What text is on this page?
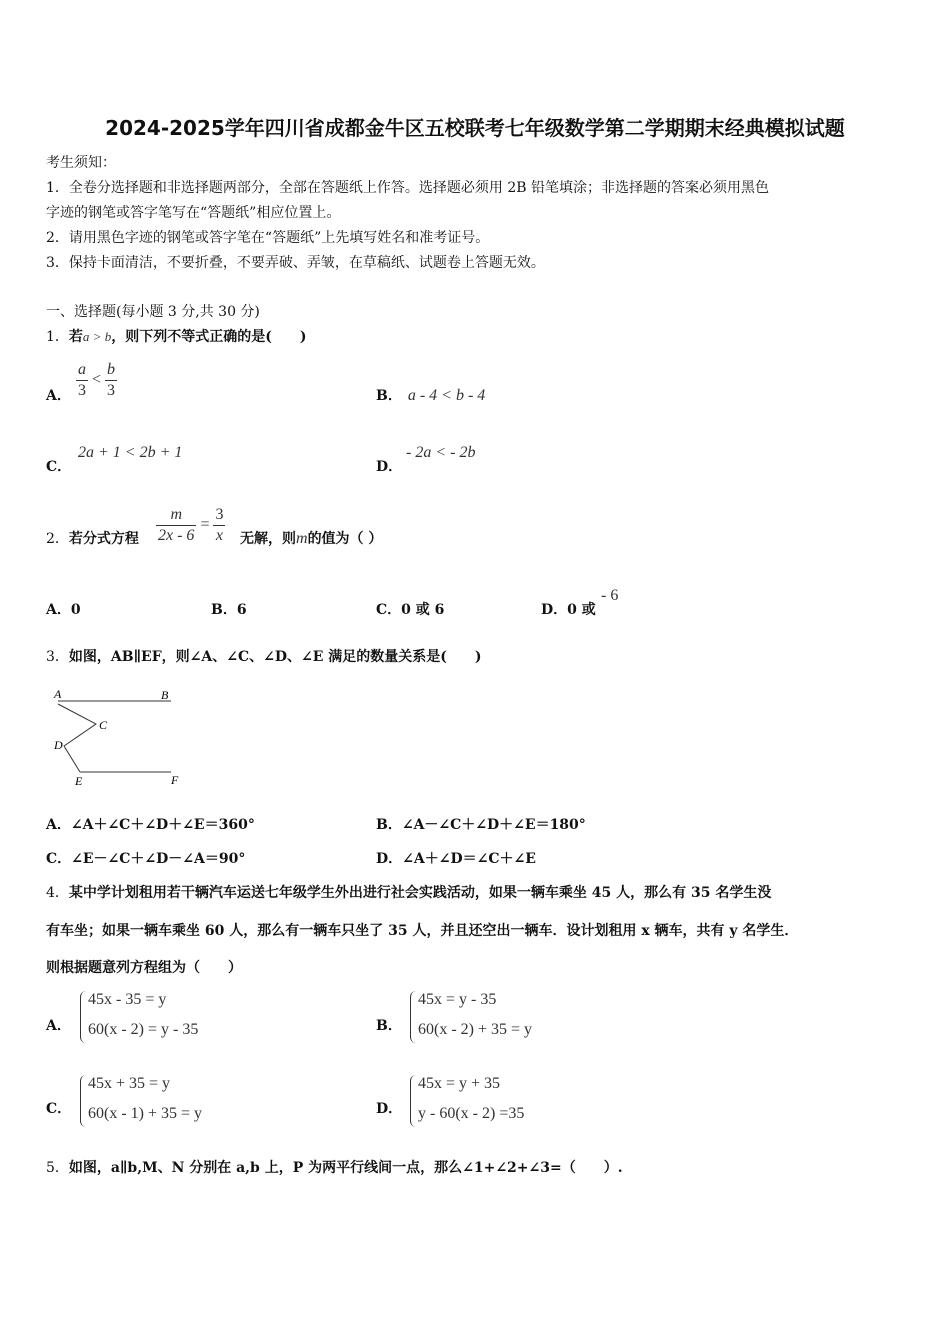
2024-2025学年四川省成都金牛区五校联考七年级数学第二学期期末经典模拟试题
考生须知：
1．全卷分选择题和非选择题两部分，全部在答题纸上作答。选择题必须用 2B 铅笔填涂；非选择题的答案必须用黑色
字迹的钢笔或答字笔写在“答题纸”相应位置上。
2．请用黑色字迹的钢笔或答字笔在“答题纸”上先填写姓名和准考证号。
3．保持卡面清洁，不要折叠，不要弄破、弄皱，在草稿纸、试题卷上答题无效。
一、选择题(每小题 3 分,共 30 分)
1．若a > b，则下列不等式正确的是(　　)
A． $\frac{a}{3} < \frac{b}{3}$	B． a - 4 < b - 4
C．
2a + 1 < 2b + 1
D．
- 2a < - 2b
2．若分式方程 $\frac{m}{2x - 6} = \frac{3}{x}$ 无解，则m的值为（ ）
A．0	B．6	C．0 或 6	D．0 或
- 6
3．如图，AB∥EF，则∠A、∠C、∠D、∠E 满足的数量关系是(　　)
A	B
C
D
E	F
A．∠A＋∠C＋∠D＋∠E＝360°	B．∠A－∠C＋∠D＋∠E＝180°
C．∠E－∠C＋∠D－∠A＝90°	D．∠A＋∠D＝∠C＋∠E
4．某中学计划租用若干辆汽车运送七年级学生外出进行社会实践活动，如果一辆车乘坐 45 人，那么有 35 名学生没
有车坐；如果一辆车乘坐 60 人，那么有一辆车只坐了 35 人，并且还空出一辆车．设计划租用 x 辆车，共有 y 名学生．
则根据题意列方程组为（　　）
A．
45x - 35 = y
60(x - 2) = y - 35	B．
45x = y - 35
60(x - 2) + 35 = y
C．
45x + 35 = y
60(x - 1) + 35 = y	D．
45x = y + 35
y - 60(x - 2) =35
5．如图，a∥b,M、N 分别在 a,b 上，P 为两平行线间一点，那么∠1+∠2+∠3=（　　）.
